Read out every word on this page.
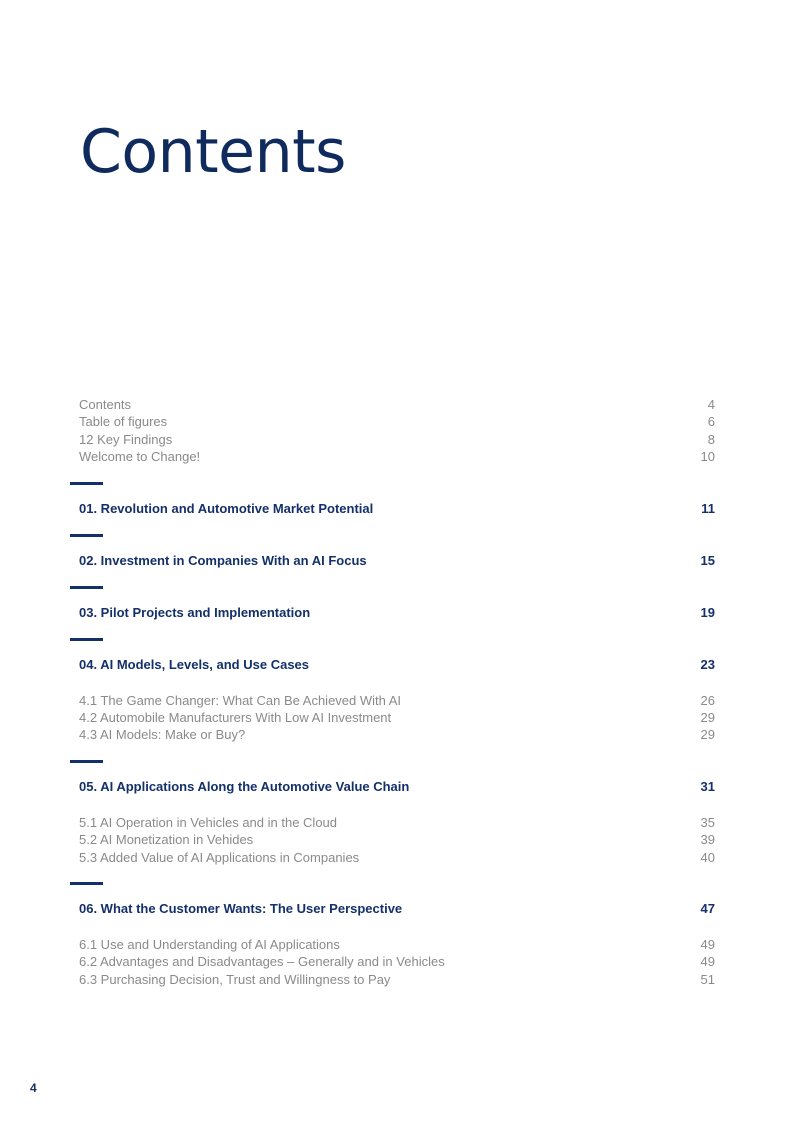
Contents
Contents	4
Table of figures	6
12 Key Findings	8
Welcome to Change!	10
01. Revolution and Automotive Market Potential	11
02. Investment in Companies With an AI Focus	15
03. Pilot Projects and Implementation	19
04. AI Models, Levels, and Use Cases	23
4.1 The Game Changer: What Can Be Achieved With AI	26
4.2 Automobile Manufacturers With Low AI Investment	29
4.3 AI Models: Make or Buy?	29
05. AI Applications Along the Automotive Value Chain	31
5.1 AI Operation in Vehicles and in the Cloud	35
5.2 AI Monetization in Vehides	39
5.3 Added Value of AI Applications in Companies	40
06. What the Customer Wants: The User Perspective	47
6.1 Use and Understanding of AI Applications	49
6.2 Advantages and Disadvantages – Generally and in Vehicles	49
6.3 Purchasing Decision, Trust and Willingness to Pay	51
4
